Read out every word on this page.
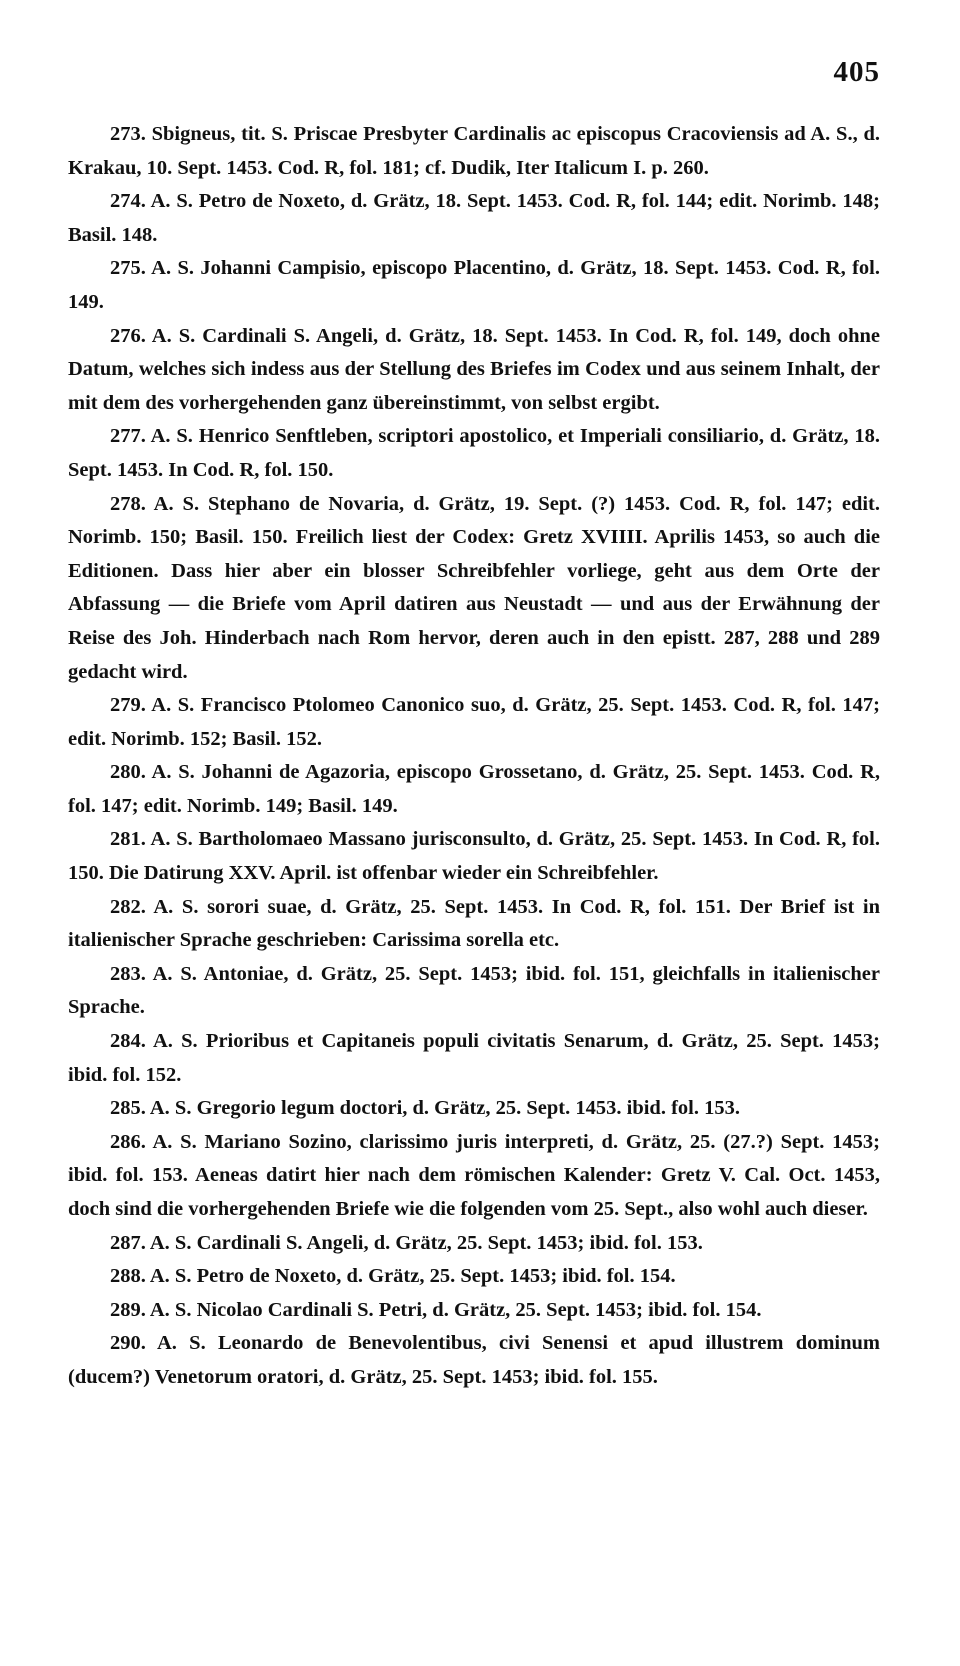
405

273. Sbigneus, tit. S. Priscae Presbyter Cardinalis ac episcopus Cracoviensis ad A. S., d. Krakau, 10. Sept. 1453. Cod. R, fol. 181; cf. Dudik, Iter Italicum I. p. 260.

274. A. S. Petro de Noxeto, d. Grätz, 18. Sept. 1453. Cod. R, fol. 144; edit. Norimb. 148; Basil. 148.

275. A. S. Johanni Campisio, episcopo Placentino, d. Grätz, 18. Sept. 1453. Cod. R, fol. 149.

276. A. S. Cardinali S. Angeli, d. Grätz, 18. Sept. 1453. In Cod. R, fol. 149, doch ohne Datum, welches sich indess aus der Stellung des Briefes im Codex und aus seinem Inhalt, der mit dem des vorhergehenden ganz übereinstimmt, von selbst ergibt.

277. A. S. Henrico Senftleben, scriptori apostolico, et Imperiali consiliario, d. Grätz, 18. Sept. 1453. In Cod. R, fol. 150.

278. A. S. Stephano de Novaria, d. Grätz, 19. Sept. (?) 1453. Cod. R, fol. 147; edit. Norimb. 150; Basil. 150. Freilich liest der Codex: Gretz XVIIII. Aprilis 1453, so auch die Editionen. Dass hier aber ein blosser Schreibfehler vorliege, geht aus dem Orte der Abfassung — die Briefe vom April datiren aus Neustadt — und aus der Erwähnung der Reise des Joh. Hinderbach nach Rom hervor, deren auch in den epistt. 287, 288 und 289 gedacht wird.

279. A. S. Francisco Ptolomeo Canonico suo, d. Grätz, 25. Sept. 1453. Cod. R, fol. 147; edit. Norimb. 152; Basil. 152.

280. A. S. Johanni de Agazoria, episcopo Grossetano, d. Grätz, 25. Sept. 1453. Cod. R, fol. 147; edit. Norimb. 149; Basil. 149.

281. A. S. Bartholomaeo Massano jurisconsulto, d. Grätz, 25. Sept. 1453. In Cod. R, fol. 150. Die Datirung XXV. April. ist offenbar wieder ein Schreibfehler.

282. A. S. sorori suae, d. Grätz, 25. Sept. 1453. In Cod. R, fol. 151. Der Brief ist in italienischer Sprache geschrieben: Carissima sorella etc.

283. A. S. Antoniae, d. Grätz, 25. Sept. 1453; ibid. fol. 151, gleichfalls in italienischer Sprache.

284. A. S. Prioribus et Capitaneis populi civitatis Senarum, d. Grätz, 25. Sept. 1453; ibid. fol. 152.

285. A. S. Gregorio legum doctori, d. Grätz, 25. Sept. 1453. ibid. fol. 153.

286. A. S. Mariano Sozino, clarissimo juris interpreti, d. Grätz, 25. (27.?) Sept. 1453; ibid. fol. 153. Aeneas datirt hier nach dem römischen Kalender: Gretz V. Cal. Oct. 1453, doch sind die vorhergehenden Briefe wie die folgenden vom 25. Sept., also wohl auch dieser.

287. A. S. Cardinali S. Angeli, d. Grätz, 25. Sept. 1453; ibid. fol. 153.

288. A. S. Petro de Noxeto, d. Grätz, 25. Sept. 1453; ibid. fol. 154.

289. A. S. Nicolao Cardinali S. Petri, d. Grätz, 25. Sept. 1453; ibid. fol. 154.

290. A. S. Leonardo de Benevolentibus, civi Senensi et apud illustrem dominum (ducem?) Venetorum oratori, d. Grätz, 25. Sept. 1453; ibid. fol. 155.
